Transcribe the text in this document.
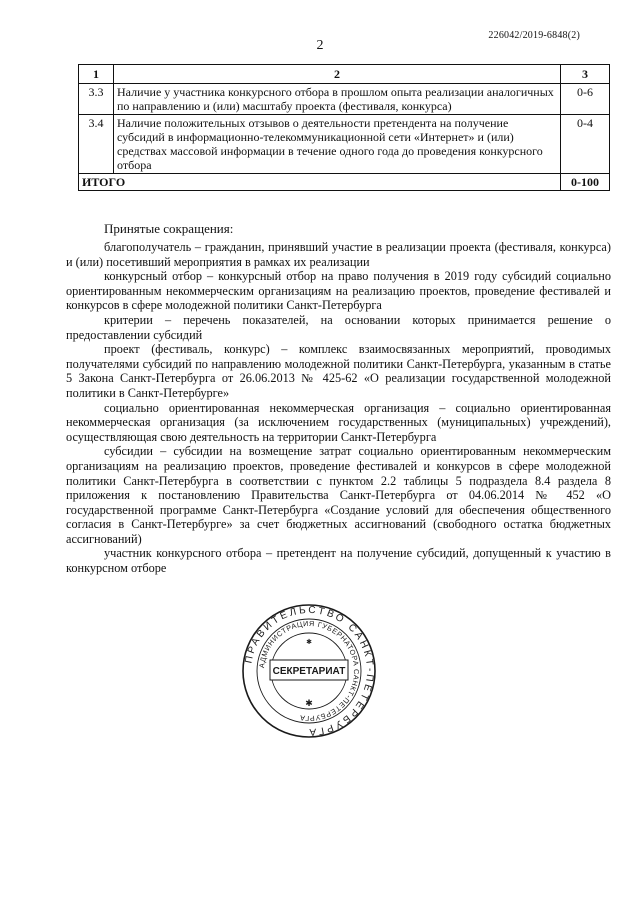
226042/2019-6848(2)
2
1	2	3
3.3	Наличие у участника конкурсного отбора в прошлом опыта реализации аналогичных по направлению и (или) масштабу проекта (фестиваля, конкурса)	0-6
3.4	Наличие положительных отзывов о деятельности претендента на получение субсидий в информационно-телекоммуникационной сети «Интернет» и (или) средствах массовой информации в течение одного года до проведения конкурсного отбора	0-4
ИТОГО		0-100
Принятые сокращения:

благополучатель – гражданин, принявший участие в реализации проекта (фестиваля, конкурса) и (или) посетивший мероприятия в рамках их реализации

конкурсный отбор – конкурсный отбор на право получения в 2019 году субсидий социально ориентированным некоммерческим организациям на реализацию проектов, проведение фестивалей и конкурсов в сфере молодежной политики Санкт-Петербурга

критерии – перечень показателей, на основании которых принимается решение о предоставлении субсидий

проект (фестиваль, конкурс) – комплекс взаимосвязанных мероприятий, проводимых получателями субсидий по направлению молодежной политики Санкт-Петербурга, указанным в статье 5 Закона Санкт-Петербурга от 26.06.2013 № 425-62 «О реализации государственной молодежной политики в Санкт-Петербурге»

социально ориентированная некоммерческая организация – социально ориентированная некоммерческая организация (за исключением государственных (муниципальных) учреждений), осуществляющая свою деятельность на территории Санкт-Петербурга

субсидии – субсидии на возмещение затрат социально ориентированным некоммерческим организациям на реализацию проектов, проведение фестивалей и конкурсов в сфере молодежной политики Санкт-Петербурга в соответствии с пунктом 2.2 таблицы 5 подраздела 8.4 раздела 8 приложения к постановлению Правительства Санкт-Петербурга от 04.06.2014 № 452 «О государственной программе Санкт-Петербурга «Создание условий для обеспечения общественного согласия в Санкт-Петербурге» за счет бюджетных ассигнований (свободного остатка бюджетных ассигнований)

участник конкурсного отбора – претендент на получение субсидий, допущенный к участию в конкурсном отборе

ПРАВИТЕЛЬСТВО САНКТ-ПЕТЕРБУРГА
АДМИНИСТРАЦИЯ ГУБЕРНАТОРА САНКТ-ПЕТЕРБУРГА
СЕКРЕТАРИАТ
✱
✱
